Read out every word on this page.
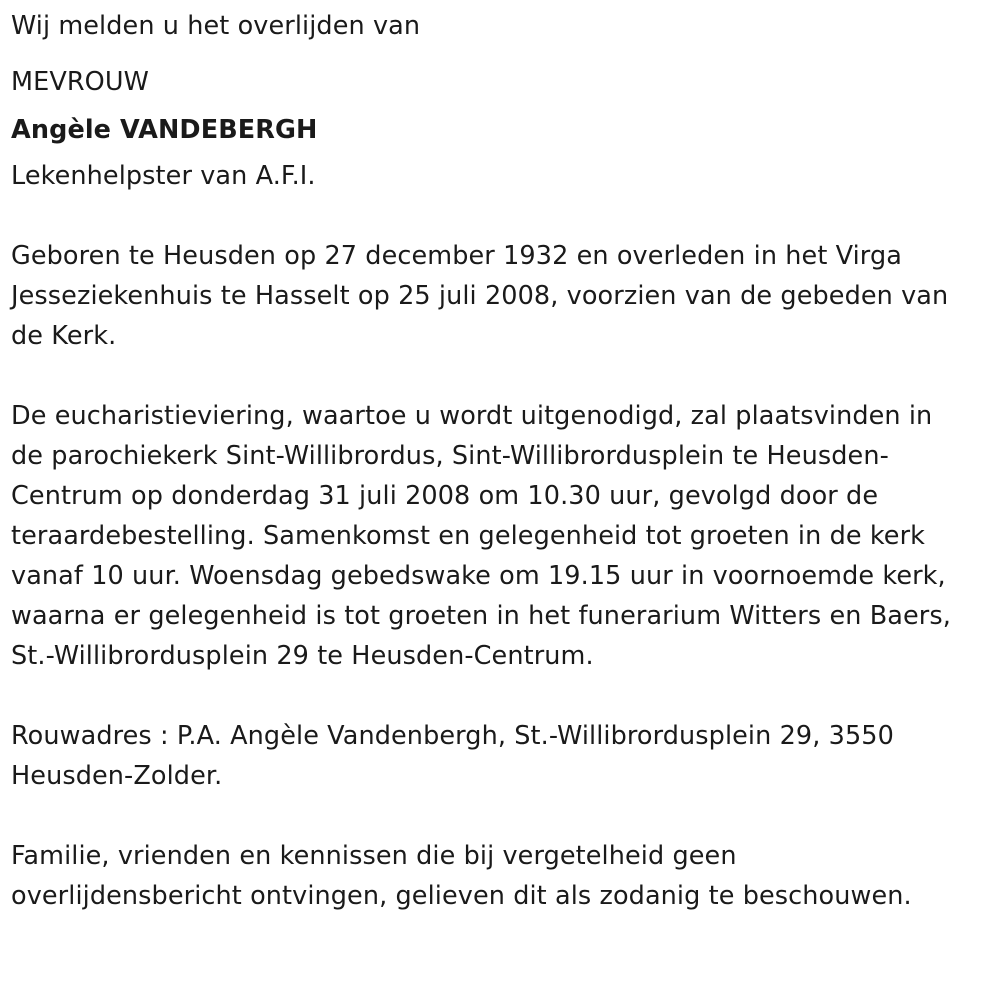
Wij melden u het overlijden van

MEVROUW

Angèle VANDEBERGH

Lekenhelpster van A.F.I.

Geboren te Heusden op 27 december 1932 en overleden in het Virga Jesseziekenhuis te Hasselt op 25 juli 2008, voorzien van de gebeden van de Kerk.

De eucharistieviering, waartoe u wordt uitgenodigd, zal plaatsvinden in de parochiekerk Sint-Willibrordus, Sint-Willibrordusplein te Heusden-Centrum op donderdag 31 juli 2008 om 10.30 uur, gevolgd door de teraardebestelling. Samenkomst en gelegenheid tot groeten in de kerk vanaf 10 uur. Woensdag gebedswake om 19.15 uur in voornoemde kerk, waarna er gelegenheid is tot groeten in het funerarium Witters en Baers, St.-Willibrordusplein 29 te Heusden-Centrum.

Rouwadres : P.A. Angèle Vandenbergh, St.-Willibrordusplein 29, 3550 Heusden-Zolder.

Familie, vrienden en kennissen die bij vergetelheid geen overlijdensbericht ontvingen, gelieven dit als zodanig te beschouwen.
